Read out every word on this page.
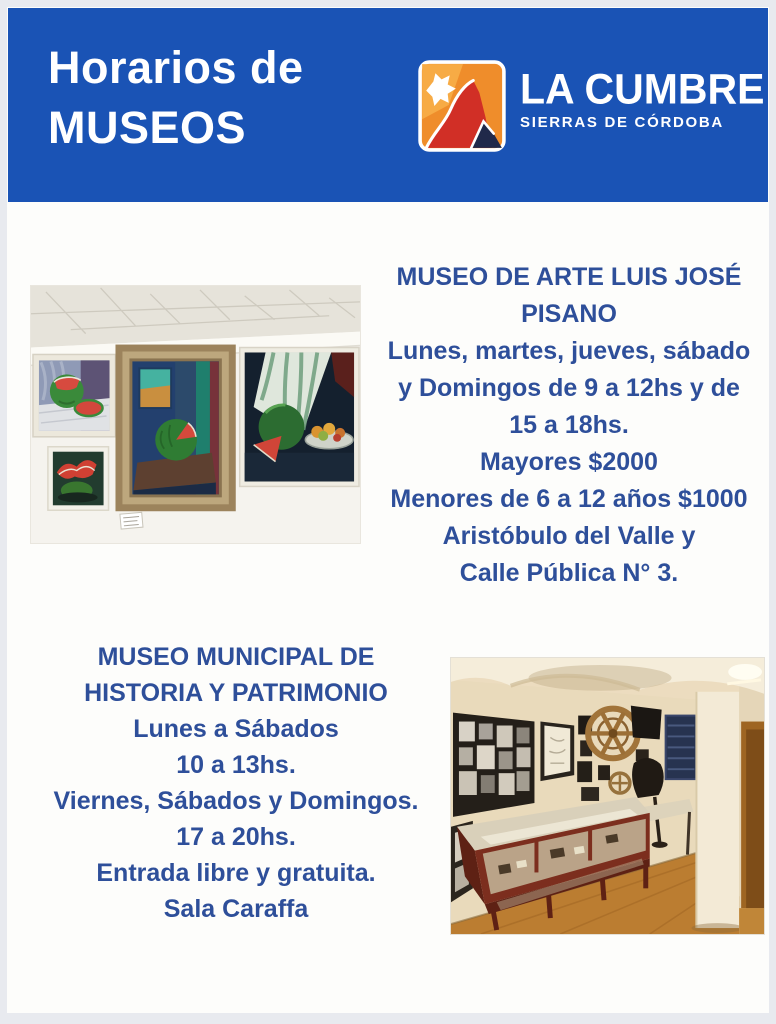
Horarios de
MUSEOS
LA CUMBRE
SIERRAS DE CÓRDOBA
MUSEO DE ARTE LUIS JOSÉ
PISANO
Lunes, martes, jueves, sábado
y Domingos de 9 a 12hs y de
15 a 18hs.
Mayores $2000
Menores de 6 a 12 años $1000
Aristóbulo del Valle y
Calle Pública N° 3.
MUSEO MUNICIPAL DE
HISTORIA Y PATRIMONIO
Lunes a Sábados
10 a 13hs.
Viernes, Sábados y Domingos.
17 a 20hs.
Entrada libre y gratuita.
Sala Caraffa
